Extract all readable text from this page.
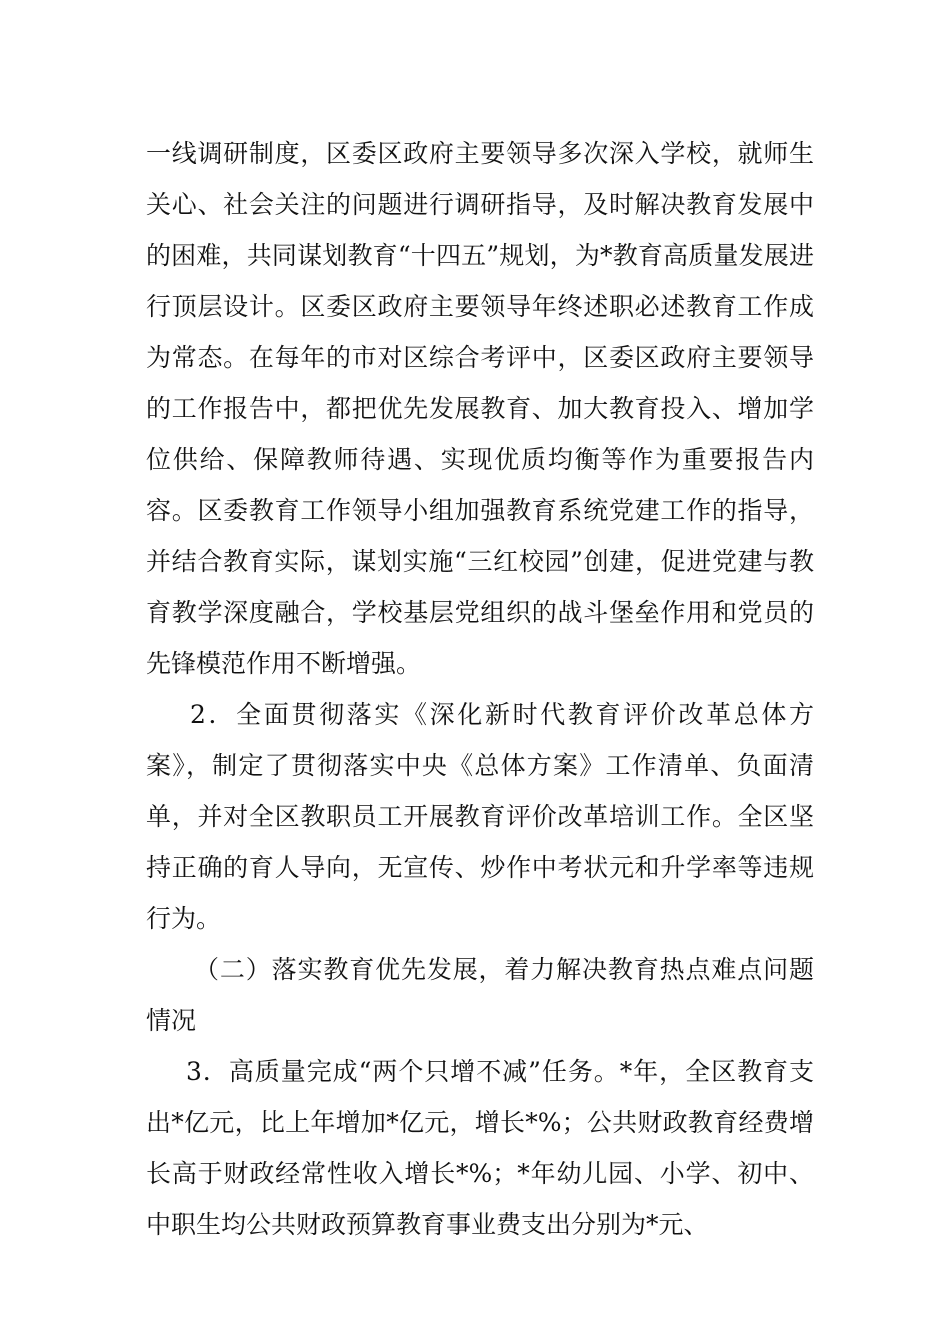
一线调研制度，区委区政府主要领导多次深入学校，就师生关心、社会关注的问题进行调研指导，及时解决教育发展中的困难，共同谋划教育“十四五”规划，为*教育高质量发展进行顶层设计。区委区政府主要领导年终述职必述教育工作成为常态。在每年的市对区综合考评中，区委区政府主要领导的工作报告中，都把优先发展教育、加大教育投入、增加学位供给、保障教师待遇、实现优质均衡等作为重要报告内容。区委教育工作领导小组加强教育系统党建工作的指导，并结合教育实际，谋划实施“三红校园”创建，促进党建与教育教学深度融合，学校基层党组织的战斗堡垒作用和党员的先锋模范作用不断增强。

2．全面贯彻落实《深化新时代教育评价改革总体方案》，制定了贯彻落实中央《总体方案》工作清单、负面清单，并对全区教职员工开展教育评价改革培训工作。全区坚持正确的育人导向，无宣传、炒作中考状元和升学率等违规行为。

（二）落实教育优先发展，着力解决教育热点难点问题情况

3．高质量完成“两个只增不减”任务。*年，全区教育支出*亿元，比上年增加*亿元，增长*%；公共财政教育经费增长高于财政经常性收入增长*%；*年幼儿园、小学、初中、中职生均公共财政预算教育事业费支出分别为*元、
